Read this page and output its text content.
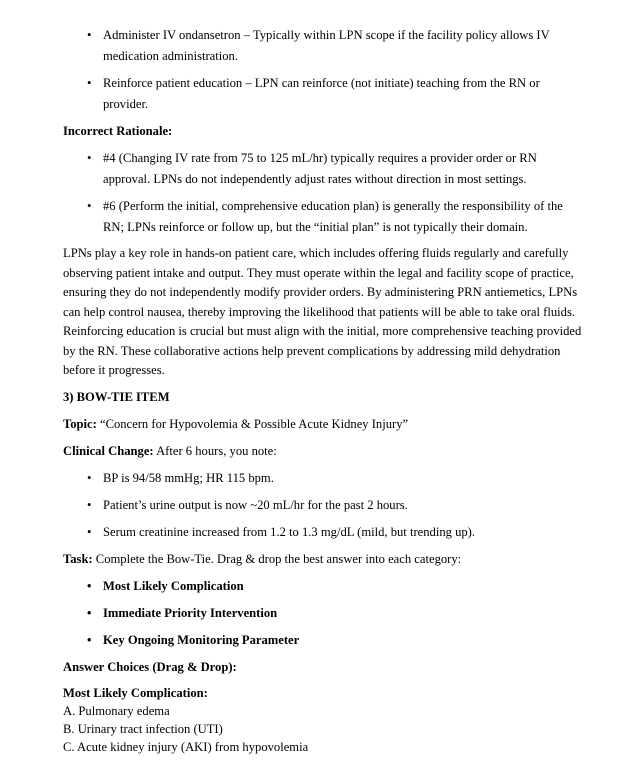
• Administer IV ondansetron – Typically within LPN scope if the facility policy allows IV medication administration.
• Reinforce patient education – LPN can reinforce (not initiate) teaching from the RN or provider.

Incorrect Rationale:

• #4 (Changing IV rate from 75 to 125 mL/hr) typically requires a provider order or RN approval. LPNs do not independently adjust rates without direction in most settings.
• #6 (Perform the initial, comprehensive education plan) is generally the responsibility of the RN; LPNs reinforce or follow up, but the “initial plan” is not typically their domain.

LPNs play a key role in hands-on patient care, which includes offering fluids regularly and carefully observing patient intake and output. They must operate within the legal and facility scope of practice, ensuring they do not independently modify provider orders. By administering PRN antiemetics, LPNs can help control nausea, thereby improving the likelihood that patients will be able to take oral fluids. Reinforcing education is crucial but must align with the initial, more comprehensive teaching provided by the RN. These collaborative actions help prevent complications by addressing mild dehydration before it progresses.

3) BOW-TIE ITEM

Topic: “Concern for Hypovolemia & Possible Acute Kidney Injury”

Clinical Change: After 6 hours, you note:

• BP is 94/58 mmHg; HR 115 bpm.
• Patient’s urine output is now ~20 mL/hr for the past 2 hours.
• Serum creatinine increased from 1.2 to 1.3 mg/dL (mild, but trending up).

Task: Complete the Bow-Tie. Drag & drop the best answer into each category:

• Most Likely Complication
• Immediate Priority Intervention
• Key Ongoing Monitoring Parameter

Answer Choices (Drag & Drop):

Most Likely Complication:
A. Pulmonary edema
B. Urinary tract infection (UTI)
C. Acute kidney injury (AKI) from hypovolemia
